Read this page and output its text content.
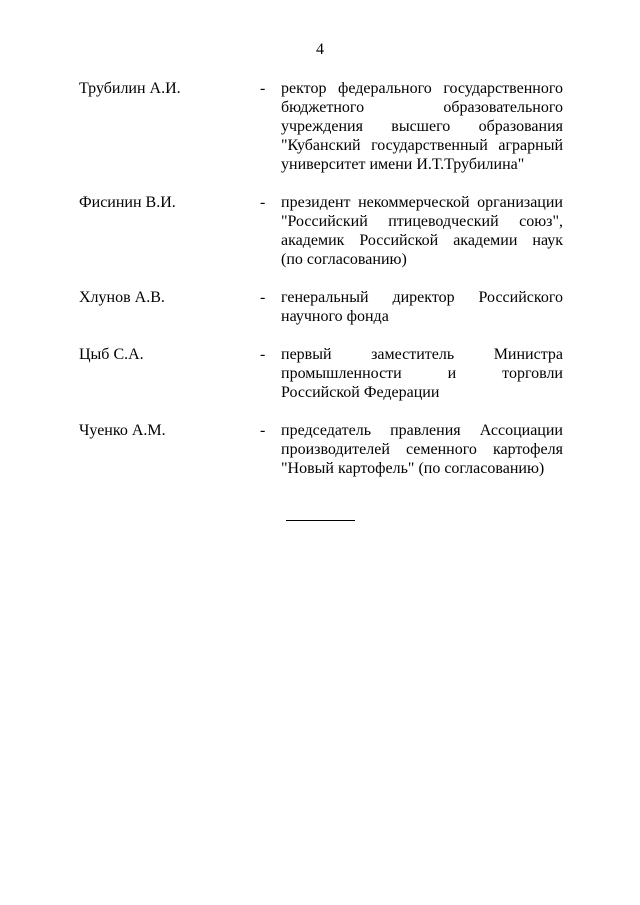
4
Трубилин А.И.	- ректор федерального государственного
бюджетного образовательного
учреждения высшего образования
"Кубанский государственный аграрный
университет имени И.Т.Трубилина"
Фисинин В.И.	- президент некоммерческой организации
"Российский птицеводческий союз",
академик Российской академии наук
(по согласованию)
Хлунов А.В.	- генеральный директор Российского
научного фонда
Цыб С.А.	- первый заместитель Министра
промышленности и торговли
Российской Федерации
Чуенко А.М.	- председатель правления Ассоциации
производителей семенного картофеля
"Новый картофель" (по согласованию)
